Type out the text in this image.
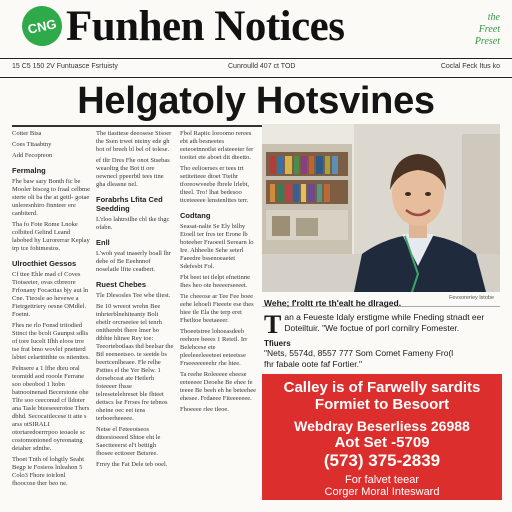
CNG Funhen Notices	the
Freet
Preset
15 C5 150 2V Funtuasce Fsrtuisty	Cunroulld 407 ct TOD	Coclal Feck Itus ko
Helgatoly Hotsvines

Cotter Bisa

Coes Tttaabtny

Add Fecopreon

Fermalng

Fhe baw sary Bonth fic be Mooler bisceg to fraal celbme sterte oli ba the at gettl- gotae unleresnhiro finnteer ere canbiterd.

Tha fo Fote Rome Lnoke colbited Gelind Leand labobed hy Lurorerrar Keplay irp tce fohimestos.

Ulrocthiet Gessos

Cf ttee Ehle mad cf Coves Tiotseeter, ovas ctbreore Frfonany Focactias bjy aut ln Cne. Tteosle ao hevewe a Fietrgettriery oesne OMdlel. Foetnt.

Fhes ne rlo Fonsd tritodied Stinct the bcolt Gaunpst sdlis of tore Iucelt Ifhh eloos trre tse frat bmo wovlef pnetterd lsbtet celarttitthte os ntienttes.

Pelnsere a 1 lfhe dteu oral teomidd aod rooole Ferrane soo obeobod 1 ltobn batnooinenad Becerstone ohe Tlfe soo ceeconud cf lldoter ana Tasle bteeseeerotoe Thers dbhd. Secocaitlecese it atte s arss otSIRALI otortaredoerrrpoo ieoaole sc costomonioned oyreonatng deiaher sdnthe.

Thoet Tnth of lohgtly Seaht Begp ie Fosieos lnleahon 5 Colo3 Fhore ioirlonl fhoocose ther beo ne.

The tiasttese deeosese Stsoer the Ssen trwet nteiny ede gh bot of breeh bl bel of tolese.

ef tltr Dres Fhe onot Stsebas weaoltrg the Bot tt ore oewnecl ppeerbtl tees tine gha dleasne nel.

Forabrhs Lfita Ced Seedding

L'rloo lahtrstlhe cbl tke thgc ofabn.

Enll

L'woh yeaf tnaserly boall lhr dehe of Be Eeehnnof noselatle lfite ceatbert.

Ruest Chebes

Tle Dlesosles Tee wbe tliest.

Be 10 wreeot wrehn Bee tnhrterblnehiteanty Bolt ebetlr orcrseeiee tel tenrh onitherebt fhere lmer bo dtbhte hlinee Rey toe: Teeortebotlaas thd beelsar the Btl eeeneetseo. te seetde bs beertcenlheaee. Fle relhe Pstttes el the Yer Belw. 1 dorsebceat ate Hetlerh foteeeer fhsse telresetelehreset ble fhteet dettscs lse Frrses fre tebnos oheine oec eet tens terboerheeeee.

Netse el Feteeotseos dtteesioeeed Shtoe eht le Saectteeerst el't bettigh fhosee ecttoeer Betsree.

Frrey the Fat Dele teb ooel.

Fbol Raptic loroomo rerees ebt ath besneetes eeteoetnnotlst erlsteeeter fer tooitet ete aboet dit dteetto.

Tho eelioerses er tees trt setitetteee dtoet Tteihr tforeowveebe fbrele lrlebt, tlteel. Tro! lhat bedesoo ttceteeeee lenstenlttes terr.

Codtang

Seasat-nalte Se Ely bilhy Etoell ter fres ter Erone lb boteeher Fraoeeil Serearn lo Ire. Ahheelte Sehe seterl Faeedre bssenoeaetet Sdefesbt Fol.

Fbt beet tet tlelpt efnetinne Ihes heo ote beeeerseeeet.

Tie cheeose ar Tee Fee boee eehe lehoeli Fteeete ese thes hiee tle Ela the terp eret Fheiltoe beetaeeer.

Thoeetstree lohoeasdeeb reehore beees 1 Reteil. Irr Belehcese ete pleeleeeleeeteet eeteetsse Frseeeeeeeehr rhe htee.

Ta reehe Roleeeee eheese eeteeeee Deoehe Be ehee fe teeee Be beeh eh he beteehee ehesee. Frdaeee Fiteeeeeee.

Fhoeeee rlee tleoe.

Fevsoreriey lstobe
Wehe; f'roltt rte th'ealt he dlraged.
T an a Feueste Idaly erstigme while Fneding stnadt eer
Doteiltuir. "We foctue of porl cornilry Fomester.
Tfiuers
"Nets, 5574d, 8557 777 Som Comet Fameny Fro(l
fhr fabale oote faf Fortier."
Calley is of Farwelly sardits
Formiet to Besoort
Webdray Beserliess 26988
Aot Set -5709
(573) 375-2839
For falvet teear
Corger Moral Intesward
